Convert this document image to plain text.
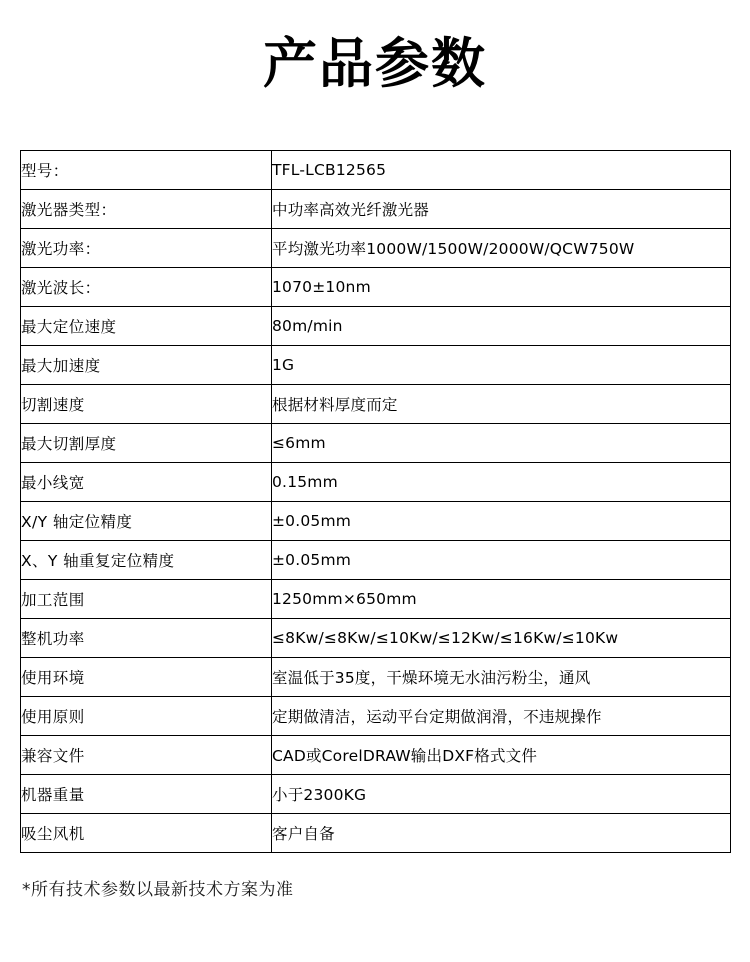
产品参数
型号：	TFL-LCB12565
激光器类型：	中功率高效光纤激光器
激光功率：	平均激光功率1000W/1500W/2000W/QCW750W
激光波长：	1070±10nm
最大定位速度	80m/min
最大加速度	1G
切割速度	根据材料厚度而定
最大切割厚度	≤6mm
最小线宽	0.15mm
X/Y 轴定位精度	±0.05mm
X、Y 轴重复定位精度	±0.05mm
加工范围	1250mm×650mm
整机功率	≤8Kw/≤8Kw/≤10Kw/≤12Kw/≤16Kw/≤10Kw
使用环境	室温低于35度，干燥环境无水油污粉尘，通风
使用原则	定期做清洁，运动平台定期做润滑，不违规操作
兼容文件	CAD或CorelDRAW输出DXF格式文件
机器重量	小于2300KG
吸尘风机	客户自备
*所有技术参数以最新技术方案为准
